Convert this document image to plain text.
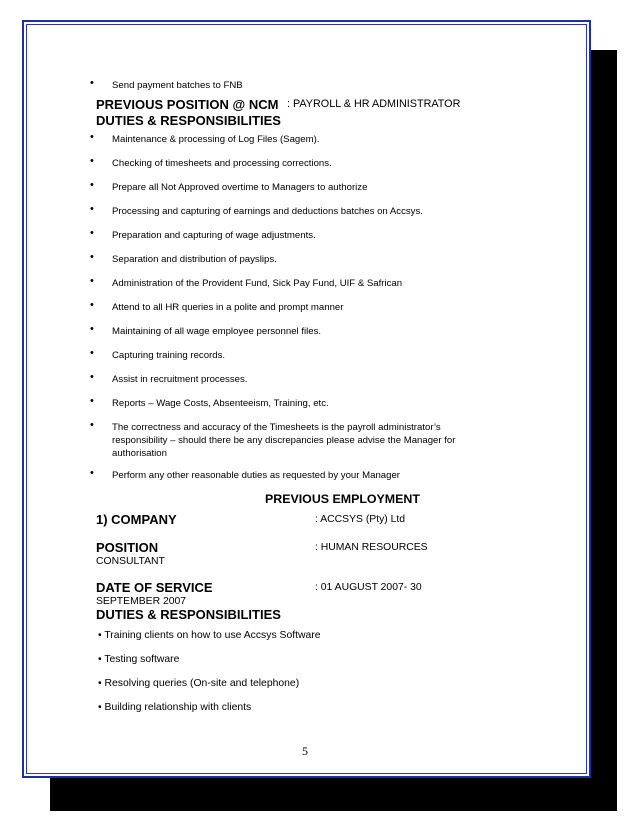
• Send payment batches to FNB
PREVIOUS POSITION @ NCM : PAYROLL & HR ADMINISTRATOR
DUTIES & RESPONSIBILITIES
• Maintenance & processing of Log Files (Sagem).
• Checking of timesheets and processing corrections.
• Prepare all Not Approved overtime to Managers to authorize
• Processing and capturing of earnings and deductions batches on Accsys.
• Preparation and capturing of wage adjustments.
• Separation and distribution of payslips.
• Administration of the Provident Fund, Sick Pay Fund, UIF & Safrican
• Attend to all HR queries in a polite and prompt manner
• Maintaining of all wage employee personnel files.
• Capturing training records.
• Assist in recruitment processes.
• Reports – Wage Costs, Absenteeism, Training, etc.
• The correctness and accuracy of the Timesheets is the payroll administrator’s
responsibility – should there be any discrepancies please advise the Manager for
authorisation
• Perform any other reasonable duties as requested by your Manager
PREVIOUS EMPLOYMENT
1) COMPANY	: ACCSYS (Pty) Ltd
POSITION	: HUMAN RESOURCES
CONSULTANT
DATE OF SERVICE	: 01 AUGUST 2007- 30
SEPTEMBER 2007
DUTIES & RESPONSIBILITIES
• Training clients on how to use Accsys Software
• Testing software
• Resolving queries (On-site and telephone)
• Building relationship with clients
5
